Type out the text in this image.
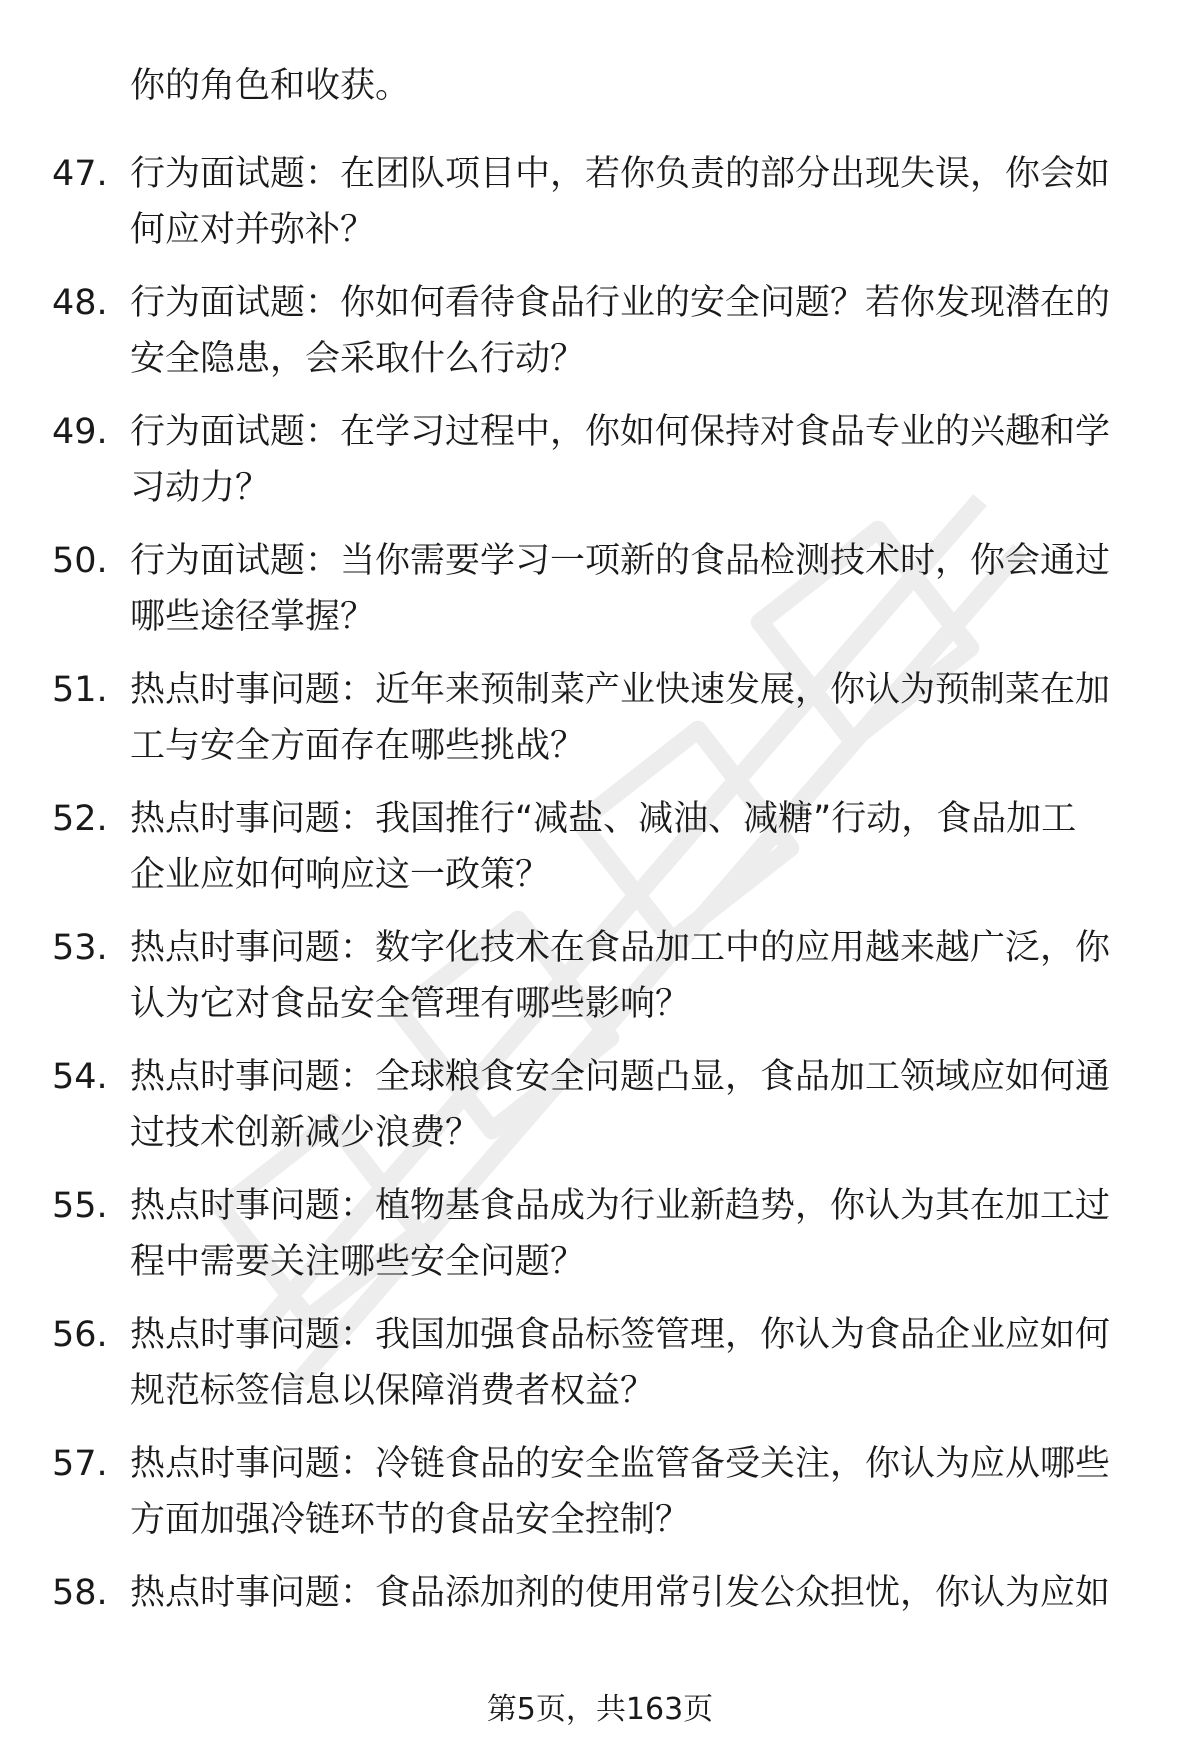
你的角色和收获。
47. 行为面试题：在团队项目中，若你负责的部分出现失误，你会如
何应对并弥补？
48. 行为面试题：你如何看待食品行业的安全问题？若你发现潜在的
安全隐患，会采取什么行动？
49. 行为面试题：在学习过程中，你如何保持对食品专业的兴趣和学
习动力？
50. 行为面试题：当你需要学习一项新的食品检测技术时，你会通过
哪些途径掌握？
51. 热点时事问题：近年来预制菜产业快速发展，你认为预制菜在加
工与安全方面存在哪些挑战？
52. 热点时事问题：我国推行“减盐、减油、减糖”行动，食品加工
企业应如何响应这一政策？
53. 热点时事问题：数字化技术在食品加工中的应用越来越广泛，你
认为它对食品安全管理有哪些影响？
54. 热点时事问题：全球粮食安全问题凸显，食品加工领域应如何通
过技术创新减少浪费？
55. 热点时事问题：植物基食品成为行业新趋势，你认为其在加工过
程中需要关注哪些安全问题？
56. 热点时事问题：我国加强食品标签管理，你认为食品企业应如何
规范标签信息以保障消费者权益？
57. 热点时事问题：冷链食品的安全监管备受关注，你认为应从哪些
方面加强冷链环节的食品安全控制？
58. 热点时事问题：食品添加剂的使用常引发公众担忧，你认为应如
第5页，共163页
